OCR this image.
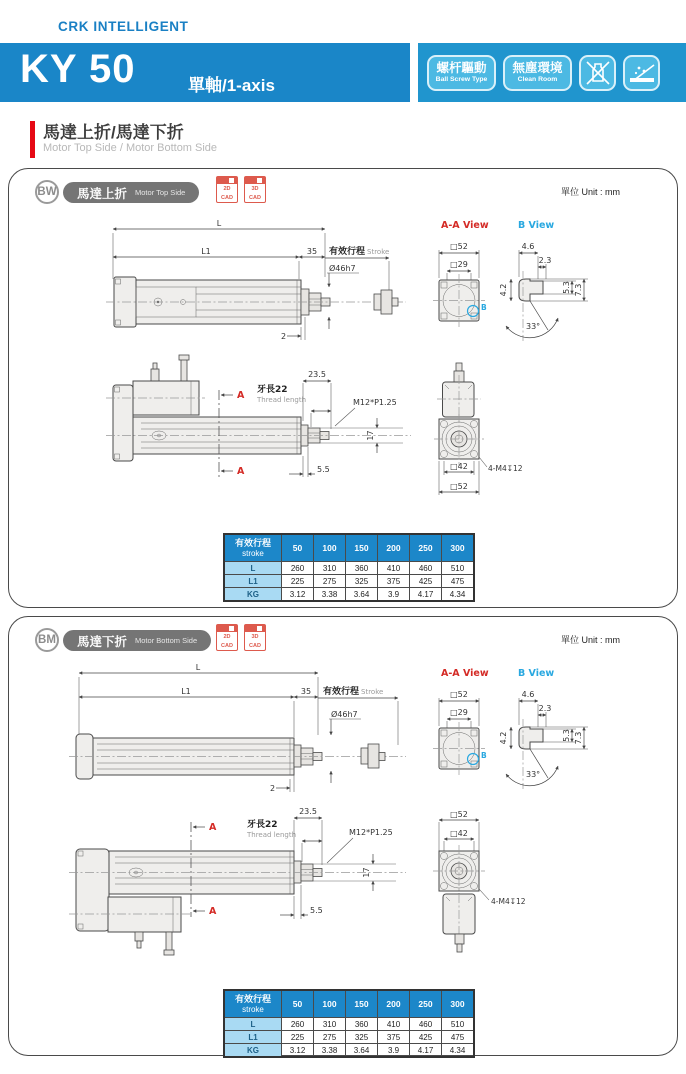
CRK INTELLIGENT
KY 50	單軸/1-axis
螺杆驅動
Ball Screw Type
無塵環境
Clean Room
馬達上折/馬達下折
Motor Top Side / Motor Bottom Side
BW 馬達上折 Motor Top Side	2D
CAD
3D
CAD
單位 Unit : mm
L
L1	35 有效行程 Stroke
Ø46h7
2
A-A View	B View
□52
□29
B
4.6
2.3
4.2	5.3 7.3
33°
A
A
牙長22
Thread length
23.5
M12*P1.25
17
5.5	□42
□52
4-M4↧12
有效行程
stroke	50	100	150	200	250	300
L	260	310	360	410	460	510
L1	225	275	325	375	425	475
KG	3.12	3.38	3.64	3.9	4.17	4.34
BM 馬達下折 Motor Bottom Side	2D
CAD
3D
CAD
單位 Unit : mm
L
L1	35 有效行程 Stroke
Ø46h7
2
A-A View	B View
□52
□29
B
4.6
2.3
4.2	5.3 7.3
33°
A
A
牙長22
Thread length
23.5
M12*P1.25
17
5.5
□52
□42
4-M4↧12
有效行程
stroke	50	100	150	200	250	300
L	260	310	360	410	460	510
L1	225	275	325	375	425	475
KG	3.12	3.38	3.64	3.9	4.17	4.34
